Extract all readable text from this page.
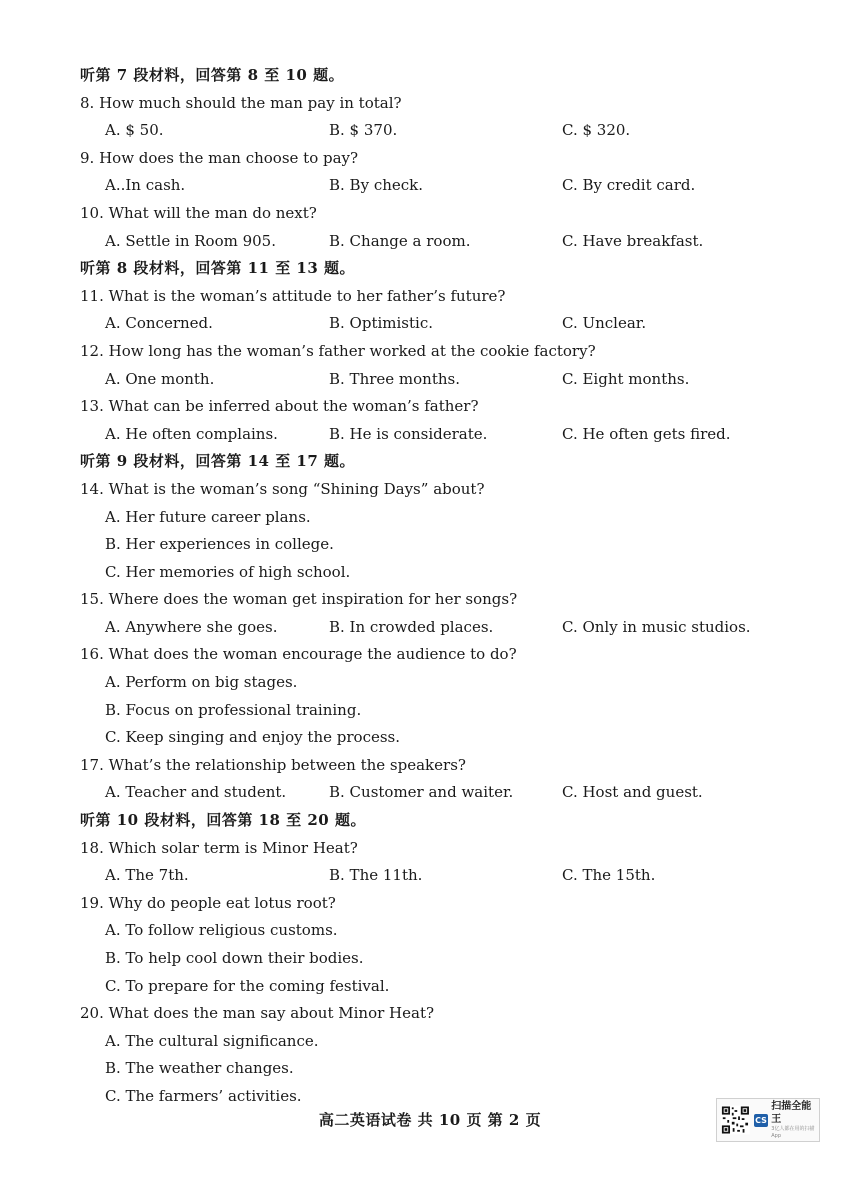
听第 7 段材料，回答第 8 至 10 题。
8. How much should the man pay in total?
A. $ 50.	B. $ 370.	C. $ 320.
9. How does the man choose to pay?
A..In cash.	B. By check.	C. By credit card.
10. What will the man do next?
A. Settle in Room 905.	B. Change a room.	C. Have breakfast.
听第 8 段材料，回答第 11 至 13 题。
11. What is the woman’s attitude to her father’s future?
A. Concerned.	B. Optimistic.	C. Unclear.
12. How long has the woman’s father worked at the cookie factory?
A. One month.	B. Three months.	C. Eight months.
13. What can be inferred about the woman’s father?
A. He often complains.	B. He is considerate.	C. He often gets fired.
听第 9 段材料，回答第 14 至 17 题。
14. What is the woman’s song “Shining Days” about?
A. Her future career plans.
B. Her experiences in college.
C. Her memories of high school.
15. Where does the woman get inspiration for her songs?
A. Anywhere she goes.	B. In crowded places.	C. Only in music studios.
16. What does the woman encourage the audience to do?
A. Perform on big stages.
B. Focus on professional training.
C. Keep singing and enjoy the process.
17. What’s the relationship between the speakers?
A. Teacher and student.	B. Customer and waiter.	C. Host and guest.
听第 10 段材料，回答第 18 至 20 题。
18. Which solar term is Minor Heat?
A. The 7th.	B. The 11th.	C. The 15th.
19. Why do people eat lotus root?
A. To follow religious customs.
B. To help cool down their bodies.
C. To prepare for the coming festival.
20. What does the man say about Minor Heat?
A. The cultural significance.
B. The weather changes.
C. The farmers’ activities.
高二英语试卷 共 10 页 第 2 页	CS
扫描全能王
3亿人都在用的扫描App
